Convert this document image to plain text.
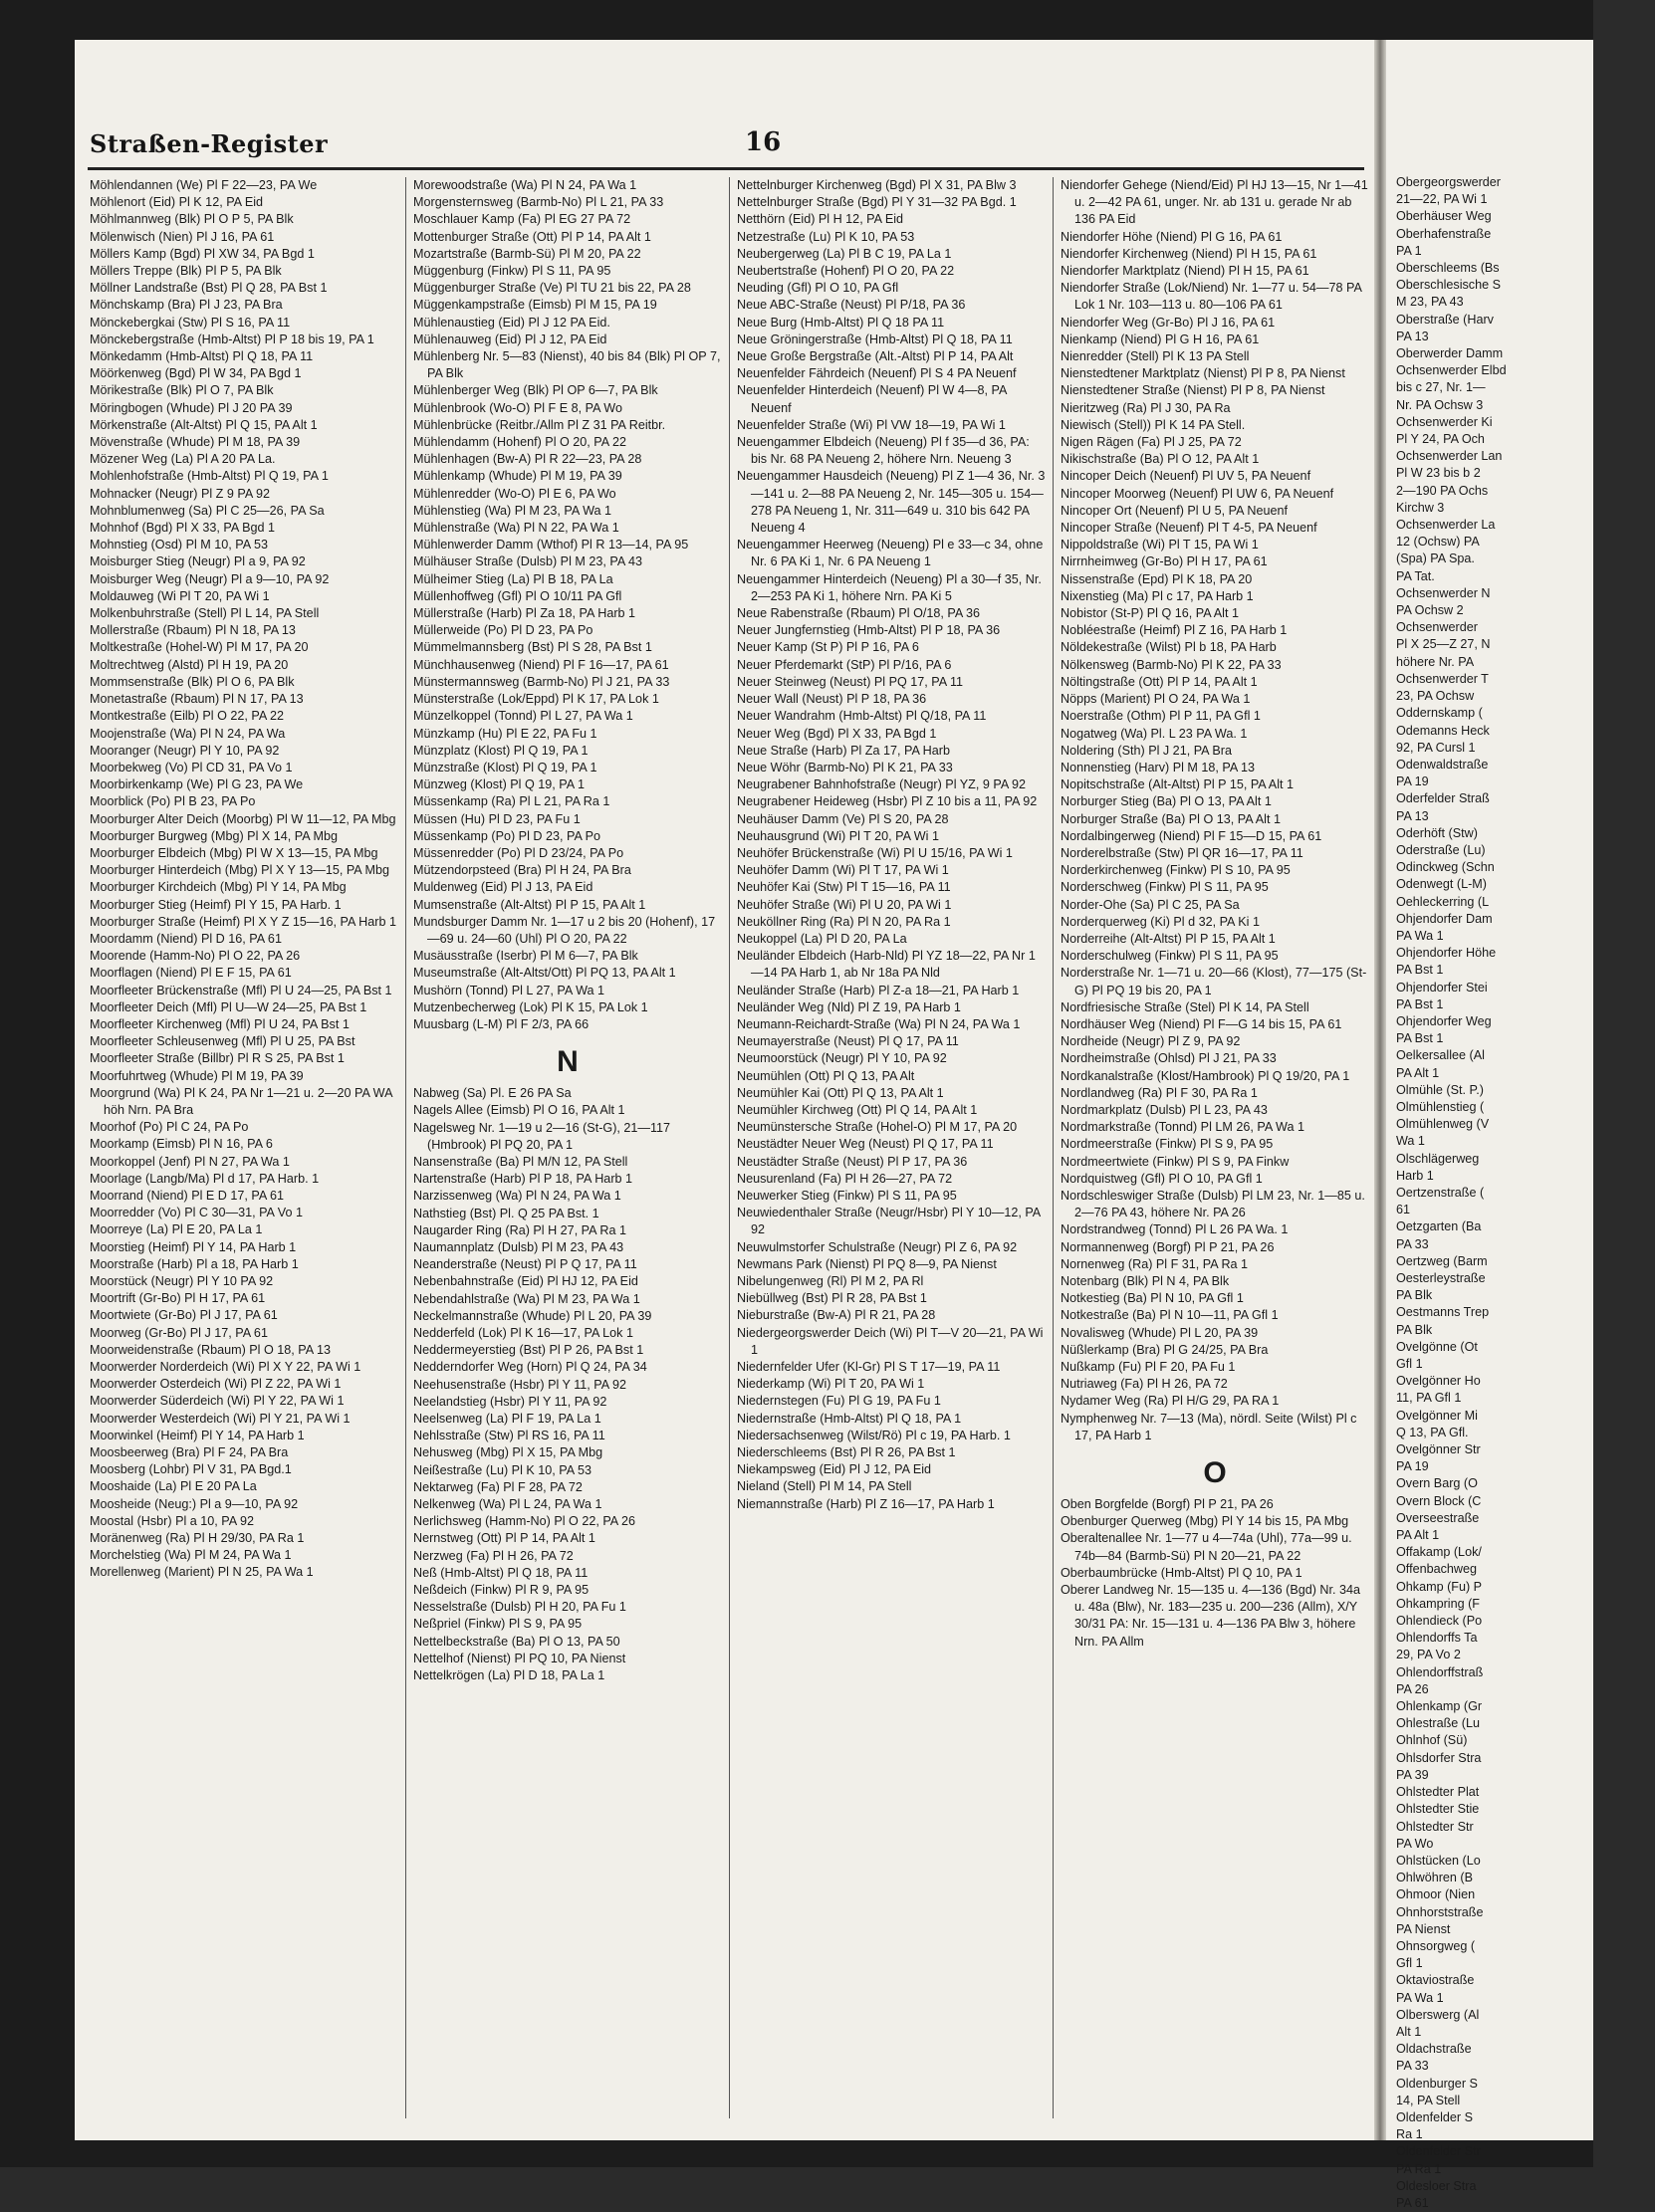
Obergeorgswerder

21—22, PA Wi 1

Oberhäuser Weg

Oberhafenstraße

PA 1

Oberschleems (Bs

Oberschlesische S

M 23, PA 43

Oberstraße (Harv

PA 13

Oberwerder Damm

Ochsenwerder Elbd

bis c 27, Nr. 1—

Nr. PA Ochsw 3

Ochsenwerder Ki

Pl Y 24, PA Och

Ochsenwerder Lan

Pl W 23 bis b 2

2—190 PA Ochs

Kirchw 3

Ochsenwerder La

12 (Ochsw) PA

(Spa) PA Spa.

PA Tat.

Ochsenwerder N

PA Ochsw 2

Ochsenwerder

Pl X 25—Z 27, N

höhere Nr. PA

Ochsenwerder T

23, PA Ochsw

Oddernskamp (

Odemanns Heck

92, PA Cursl 1

Odenwaldstraße

PA 19

Oderfelder Straß

PA 13

Oderhöft (Stw)

Oderstraße (Lu)

Odinckweg (Schn

Odenwegt (L-M)

Oehleckerring (L

Ohjendorfer Dam

PA Wa 1

Ohjendorfer Höhe

PA Bst 1

Ohjendorfer Stei

PA Bst 1

Ohjendorfer Weg

PA Bst 1

Oelkersallee (Al

PA Alt 1

Olmühle (St. P.)

Olmühlenstieg (

Olmühlenweg (V

Wa 1

Olschlägerweg

Harb 1

Oertzenstraße (

61

Oetzgarten (Ba

PA 33

Oertzweg (Barm

Oesterleystraße

PA Blk

Oestmanns Trep

PA Blk

Ovelgönne (Ot

Gfl 1

Ovelgönner Ho

11, PA Gfl 1

Ovelgönner Mi

Q 13, PA Gfl.

Ovelgönner Str

PA 19

Overn Barg (O

Overn Block (C

Overseestraße

PA Alt 1

Offakamp (Lok/

Offenbachweg

Ohkamp (Fu) P

Ohkampring (F

Ohlendieck (Po

Ohlendorffs Ta

29, PA Vo 2

Ohlendorffstraß

PA 26

Ohlenkamp (Gr

Ohlestraße (Lu

Ohlnhof (Sü)

Ohlsdorfer Stra

PA 39

Ohlstedter Plat

Ohlstedter Stie

Ohlstedter Str

PA Wo

Ohlstücken (Lo

Ohlwöhren (B

Ohmoor (Nien

Ohnhorststraße

PA Nienst

Ohnsorgweg (

Gfl 1

Oktaviostraße

PA Wa 1

Olberswerg (Al

Alt 1

Oldachstraße

PA 33

Oldenburger S

14, PA Stell

Oldenfelder S

Ra 1

Oldenfelder Str

PA Ra 1

Oldesloer Stra

PA 61

Straßen-Register	16

Möhlendannen (We) Pl F 22—23, PA We

Möhlenort (Eid) Pl K 12, PA Eid

Möhlmannweg (Blk) Pl O P 5, PA Blk

Mölenwisch (Nien) Pl J 16, PA 61

Möllers Kamp (Bgd) Pl XW 34, PA Bgd 1

Möllers Treppe (Blk) Pl P 5, PA Blk

Möllner Landstraße (Bst) Pl Q 28, PA Bst 1

Mönchskamp (Bra) Pl J 23, PA Bra

Mönckebergkai (Stw) Pl S 16, PA 11

Mönckebergstraße (Hmb-Altst) Pl P 18 bis 19, PA 1

Mönkedamm (Hmb-Altst) Pl Q 18, PA 11

Möörkenweg (Bgd) Pl W 34, PA Bgd 1

Mörikestraße (Blk) Pl O 7, PA Blk

Möringbogen (Whude) Pl J 20 PA 39

Mörkenstraße (Alt-Altst) Pl Q 15, PA Alt 1

Mövenstraße (Whude) Pl M 18, PA 39

Mözener Weg (La) Pl A 20 PA La.

Mohlenhofstraße (Hmb-Altst) Pl Q 19, PA 1

Mohnacker (Neugr) Pl Z 9 PA 92

Mohnblumenweg (Sa) Pl C 25—26, PA Sa

Mohnhof (Bgd) Pl X 33, PA Bgd 1

Mohnstieg (Osd) Pl M 10, PA 53

Moisburger Stieg (Neugr) Pl a 9, PA 92

Moisburger Weg (Neugr) Pl a 9—10, PA 92

Moldauweg (Wi Pl T 20, PA Wi 1

Molkenbuhrstraße (Stell) Pl L 14, PA Stell

Mollerstraße (Rbaum) Pl N 18, PA 13

Moltkestraße (Hohel-W) Pl M 17, PA 20

Moltrechtweg (Alstd) Pl H 19, PA 20

Mommsenstraße (Blk) Pl O 6, PA Blk

Monetastraße (Rbaum) Pl N 17, PA 13

Montkestraße (Eilb) Pl O 22, PA 22

Moojenstraße (Wa) Pl N 24, PA Wa

Mooranger (Neugr) Pl Y 10, PA 92

Moorbekweg (Vo) Pl CD 31, PA Vo 1

Moorbirkenkamp (We) Pl G 23, PA We

Moorblick (Po) Pl B 23, PA Po

Moorburger Alter Deich (Moorbg) Pl W 11—12, PA Mbg

Moorburger Burgweg (Mbg) Pl X 14, PA Mbg

Moorburger Elbdeich (Mbg) Pl W X 13—15, PA Mbg

Moorburger Hinterdeich (Mbg) Pl X Y 13—15, PA Mbg

Moorburger Kirchdeich (Mbg) Pl Y 14, PA Mbg

Moorburger Stieg (Heimf) Pl Y 15, PA Harb. 1

Moorburger Straße (Heimf) Pl X Y Z 15—16, PA Harb 1

Moordamm (Niend) Pl D 16, PA 61

Moorende (Hamm-No) Pl O 22, PA 26

Moorflagen (Niend) Pl E F 15, PA 61

Moorfleeter Brückenstraße (Mfl) Pl U 24—25, PA Bst 1

Moorfleeter Deich (Mfl) Pl U—W 24—25, PA Bst 1

Moorfleeter Kirchenweg (Mfl) Pl U 24, PA Bst 1

Moorfleeter Schleusenweg (Mfl) Pl U 25, PA Bst

Moorfleeter Straße (Billbr) Pl R S 25, PA Bst 1

Moorfuhrtweg (Whude) Pl M 19, PA 39

Moorgrund (Wa) Pl K 24, PA Nr 1—21 u. 2—20 PA WA höh Nrn. PA Bra

Moorhof (Po) Pl C 24, PA Po

Moorkamp (Eimsb) Pl N 16, PA 6

Moorkoppel (Jenf) Pl N 27, PA Wa 1

Moorlage (Langb/Ma) Pl d 17, PA Harb. 1

Moorrand (Niend) Pl E D 17, PA 61

Moorredder (Vo) Pl C 30—31, PA Vo 1

Moorreye (La) Pl E 20, PA La 1

Moorstieg (Heimf) Pl Y 14, PA Harb 1

Moorstraße (Harb) Pl a 18, PA Harb 1

Moorstück (Neugr) Pl Y 10 PA 92

Moortrift (Gr-Bo) Pl H 17, PA 61

Moortwiete (Gr-Bo) Pl J 17, PA 61

Moorweg (Gr-Bo) Pl J 17, PA 61

Moorweidenstraße (Rbaum) Pl O 18, PA 13

Moorwerder Norderdeich (Wi) Pl X Y 22, PA Wi 1

Moorwerder Osterdeich (Wi) Pl Z 22, PA Wi 1

Moorwerder Süderdeich (Wi) Pl Y 22, PA Wi 1

Moorwerder Westerdeich (Wi) Pl Y 21, PA Wi 1

Moorwinkel (Heimf) Pl Y 14, PA Harb 1

Moosbeerweg (Bra) Pl F 24, PA Bra

Moosberg (Lohbr) Pl V 31, PA Bgd.1

Mooshaide (La) Pl E 20 PA La

Moosheide (Neug:) Pl a 9—10, PA 92

Moostal (Hsbr) Pl a 10, PA 92

Moränenweg (Ra) Pl H 29/30, PA Ra 1

Morchelstieg (Wa) Pl M 24, PA Wa 1

Morellenweg (Marient) Pl N 25, PA Wa 1

Morewoodstraße (Wa) Pl N 24, PA Wa 1

Morgensternsweg (Barmb-No) Pl L 21, PA 33

Moschlauer Kamp (Fa) Pl EG 27 PA 72

Mottenburger Straße (Ott) Pl P 14, PA Alt 1

Mozartstraße (Barmb-Sü) Pl M 20, PA 22

Müggenburg (Finkw) Pl S 11, PA 95

Müggenburger Straße (Ve) Pl TU 21 bis 22, PA 28

Müggenkampstraße (Eimsb) Pl M 15, PA 19

Mühlenaustieg (Eid) Pl J 12 PA Eid.

Mühlenauweg (Eid) Pl J 12, PA Eid

Mühlenberg Nr. 5—83 (Nienst), 40 bis 84 (Blk) Pl OP 7, PA Blk

Mühlenberger Weg (Blk) Pl OP 6—7, PA Blk

Mühlenbrook (Wo-O) Pl F E 8, PA Wo

Mühlenbrücke (Reitbr./Allm Pl Z 31 PA Reitbr.

Mühlendamm (Hohenf) Pl O 20, PA 22

Mühlenhagen (Bw-A) Pl R 22—23, PA 28

Mühlenkamp (Whude) Pl M 19, PA 39

Mühlenredder (Wo-O) Pl E 6, PA Wo

Mühlenstieg (Wa) Pl M 23, PA Wa 1

Mühlenstraße (Wa) Pl N 22, PA Wa 1

Mühlenwerder Damm (Wthof) Pl R 13—14, PA 95

Mülhäuser Straße (Dulsb) Pl M 23, PA 43

Mülheimer Stieg (La) Pl B 18, PA La

Müllenhoffweg (Gfl) Pl O 10/11 PA Gfl

Müllerstraße (Harb) Pl Za 18, PA Harb 1

Müllerweide (Po) Pl D 23, PA Po

Mümmelmannsberg (Bst) Pl S 28, PA Bst 1

Münchhausenweg (Niend) Pl F 16—17, PA 61

Münstermannsweg (Barmb-No) Pl J 21, PA 33

Münsterstraße (Lok/Eppd) Pl K 17, PA Lok 1

Münzelkoppel (Tonnd) Pl L 27, PA Wa 1

Münzkamp (Hu) Pl E 22, PA Fu 1

Münzplatz (Klost) Pl Q 19, PA 1

Münzstraße (Klost) Pl Q 19, PA 1

Münzweg (Klost) Pl Q 19, PA 1

Müssenkamp (Ra) Pl L 21, PA Ra 1

Müssen (Hu) Pl D 23, PA Fu 1

Müssenkamp (Po) Pl D 23, PA Po

Müssenredder (Po) Pl D 23/24, PA Po

Mützendorpsteed (Bra) Pl H 24, PA Bra

Muldenweg (Eid) Pl J 13, PA Eid

Mumsenstraße (Alt-Altst) Pl P 15, PA Alt 1

Mundsburger Damm Nr. 1—17 u 2 bis 20 (Hohenf), 17—69 u. 24—60 (Uhl) Pl O 20, PA 22

Musäusstraße (Iserbr) Pl M 6—7, PA Blk

Museumstraße (Alt-Altst/Ott) Pl PQ 13, PA Alt 1

Mushörn (Tonnd) Pl L 27, PA Wa 1

Mutzenbecherweg (Lok) Pl K 15, PA Lok 1

Muusbarg (L-M) Pl F 2/3, PA 66

N

Nabweg (Sa) Pl. E 26 PA Sa

Nagels Allee (Eimsb) Pl O 16, PA Alt 1

Nagelsweg Nr. 1—19 u 2—16 (St-G), 21—117 (Hmbrook) Pl PQ 20, PA 1

Nansenstraße (Ba) Pl M/N 12, PA Stell

Nartenstraße (Harb) Pl P 18, PA Harb 1

Narzissenweg (Wa) Pl N 24, PA Wa 1

Nathstieg (Bst) Pl. Q 25 PA Bst. 1

Naugarder Ring (Ra) Pl H 27, PA Ra 1

Naumannplatz (Dulsb) Pl M 23, PA 43

Neanderstraße (Neust) Pl P Q 17, PA 11

Nebenbahnstraße (Eid) Pl HJ 12, PA Eid

Nebendahlstraße (Wa) Pl M 23, PA Wa 1

Neckelmannstraße (Whude) Pl L 20, PA 39

Nedderfeld (Lok) Pl K 16—17, PA Lok 1

Neddermeyerstieg (Bst) Pl P 26, PA Bst 1

Nedderndorfer Weg (Horn) Pl Q 24, PA 34

Neehusenstraße (Hsbr) Pl Y 11, PA 92

Neelandstieg (Hsbr) Pl Y 11, PA 92

Neelsenweg (La) Pl F 19, PA La 1

Nehlsstraße (Stw) Pl RS 16, PA 11

Nehusweg (Mbg) Pl X 15, PA Mbg

Neißestraße (Lu) Pl K 10, PA 53

Nektarweg (Fa) Pl F 28, PA 72

Nelkenweg (Wa) Pl L 24, PA Wa 1

Nerlichsweg (Hamm-No) Pl O 22, PA 26

Nernstweg (Ott) Pl P 14, PA Alt 1

Nerzweg (Fa) Pl H 26, PA 72

Neß (Hmb-Altst) Pl Q 18, PA 11

Neßdeich (Finkw) Pl R 9, PA 95

Nesselstraße (Dulsb) Pl H 20, PA Fu 1

Neßpriel (Finkw) Pl S 9, PA 95

Nettelbeckstraße (Ba) Pl O 13, PA 50

Nettelhof (Nienst) Pl PQ 10, PA Nienst

Nettelkrögen (La) Pl D 18, PA La 1

Nettelnburger Kirchenweg (Bgd) Pl X 31, PA Blw 3

Nettelnburger Straße (Bgd) Pl Y 31—32 PA Bgd. 1

Netthörn (Eid) Pl H 12, PA Eid

Netzestraße (Lu) Pl K 10, PA 53

Neubergerweg (La) Pl B C 19, PA La 1

Neubertstraße (Hohenf) Pl O 20, PA 22

Neuding (Gfl) Pl O 10, PA Gfl

Neue ABC-Straße (Neust) Pl P/18, PA 36

Neue Burg (Hmb-Altst) Pl Q 18 PA 11

Neue Gröningerstraße (Hmb-Altst) Pl Q 18, PA 11

Neue Große Bergstraße (Alt.-Altst) Pl P 14, PA Alt

Neuenfelder Fährdeich (Neuenf) Pl S 4 PA Neuenf

Neuenfelder Hinterdeich (Neuenf) Pl W 4—8, PA Neuenf

Neuenfelder Straße (Wi) Pl VW 18—19, PA Wi 1

Neuengammer Elbdeich (Neueng) Pl f 35—d 36, PA: bis Nr. 68 PA Neueng 2, höhere Nrn. Neueng 3

Neuengammer Hausdeich (Neueng) Pl Z 1—4 36, Nr. 3—141 u. 2—88 PA Neueng 2, Nr. 145—305 u. 154—278 PA Neueng 1, Nr. 311—649 u. 310 bis 642 PA Neueng 4

Neuengammer Heerweg (Neueng) Pl e 33—c 34, ohne Nr. 6 PA Ki 1, Nr. 6 PA Neueng 1

Neuengammer Hinterdeich (Neueng) Pl a 30—f 35, Nr. 2—253 PA Ki 1, höhere Nrn. PA Ki 5

Neue Rabenstraße (Rbaum) Pl O/18, PA 36

Neuer Jungfernstieg (Hmb-Altst) Pl P 18, PA 36

Neuer Kamp (St P) Pl P 16, PA 6

Neuer Pferdemarkt (StP) Pl P/16, PA 6

Neuer Steinweg (Neust) Pl PQ 17, PA 11

Neuer Wall (Neust) Pl P 18, PA 36

Neuer Wandrahm (Hmb-Altst) Pl Q/18, PA 11

Neuer Weg (Bgd) Pl X 33, PA Bgd 1

Neue Straße (Harb) Pl Za 17, PA Harb

Neue Wöhr (Barmb-No) Pl K 21, PA 33

Neugrabener Bahnhofstraße (Neugr) Pl YZ, 9 PA 92

Neugrabener Heideweg (Hsbr) Pl Z 10 bis a 11, PA 92

Neuhäuser Damm (Ve) Pl S 20, PA 28

Neuhausgrund (Wi) Pl T 20, PA Wi 1

Neuhöfer Brückenstraße (Wi) Pl U 15/16, PA Wi 1

Neuhöfer Damm (Wi) Pl T 17, PA Wi 1

Neuhöfer Kai (Stw) Pl T 15—16, PA 11

Neuhöfer Straße (Wi) Pl U 20, PA Wi 1

Neuköllner Ring (Ra) Pl N 20, PA Ra 1

Neukoppel (La) Pl D 20, PA La

Neuländer Elbdeich (Harb-Nld) Pl YZ 18—22, PA Nr 1—14 PA Harb 1, ab Nr 18a PA Nld

Neuländer Straße (Harb) Pl Z-a 18—21, PA Harb 1

Neuländer Weg (Nld) Pl Z 19, PA Harb 1

Neumann-Reichardt-Straße (Wa) Pl N 24, PA Wa 1

Neumayerstraße (Neust) Pl Q 17, PA 11

Neumoorstück (Neugr) Pl Y 10, PA 92

Neumühlen (Ott) Pl Q 13, PA Alt

Neumühler Kai (Ott) Pl Q 13, PA Alt 1

Neumühler Kirchweg (Ott) Pl Q 14, PA Alt 1

Neumünstersche Straße (Hohel-O) Pl M 17, PA 20

Neustädter Neuer Weg (Neust) Pl Q 17, PA 11

Neustädter Straße (Neust) Pl P 17, PA 36

Neusurenland (Fa) Pl H 26—27, PA 72

Neuwerker Stieg (Finkw) Pl S 11, PA 95

Neuwiedenthaler Straße (Neugr/Hsbr) Pl Y 10—12, PA 92

Neuwulmstorfer Schulstraße (Neugr) Pl Z 6, PA 92

Newmans Park (Nienst) Pl PQ 8—9, PA Nienst

Nibelungenweg (Rl) Pl M 2, PA Rl

Niebüllweg (Bst) Pl R 28, PA Bst 1

Nieburstraße (Bw-A) Pl R 21, PA 28

Niedergeorgswerder Deich (Wi) Pl T—V 20—21, PA Wi 1

Niedernfelder Ufer (Kl-Gr) Pl S T 17—19, PA 11

Niederkamp (Wi) Pl T 20, PA Wi 1

Niedernstegen (Fu) Pl G 19, PA Fu 1

Niedernstraße (Hmb-Altst) Pl Q 18, PA 1

Niedersachsenweg (Wilst/Rö) Pl c 19, PA Harb. 1

Niederschleems (Bst) Pl R 26, PA Bst 1

Niekampsweg (Eid) Pl J 12, PA Eid

Nieland (Stell) Pl M 14, PA Stell

Niemannstraße (Harb) Pl Z 16—17, PA Harb 1

Niendorfer Gehege (Niend/Eid) Pl HJ 13—15, Nr 1—41 u. 2—42 PA 61, unger. Nr. ab 131 u. gerade Nr ab 136 PA Eid

Niendorfer Höhe (Niend) Pl G 16, PA 61

Niendorfer Kirchenweg (Niend) Pl H 15, PA 61

Niendorfer Marktplatz (Niend) Pl H 15, PA 61

Niendorfer Straße (Lok/Niend) Nr. 1—77 u. 54—78 PA Lok 1 Nr. 103—113 u. 80—106 PA 61

Niendorfer Weg (Gr-Bo) Pl J 16, PA 61

Nienkamp (Niend) Pl G H 16, PA 61

Nienredder (Stell) Pl K 13 PA Stell

Nienstedtener Marktplatz (Nienst) Pl P 8, PA Nienst

Nienstedtener Straße (Nienst) Pl P 8, PA Nienst

Nieritzweg (Ra) Pl J 30, PA Ra

Niewisch (Stell)) Pl K 14 PA Stell.

Nigen Rägen (Fa) Pl J 25, PA 72

Nikischstraße (Ba) Pl O 12, PA Alt 1

Nincoper Deich (Neuenf) Pl UV 5, PA Neuenf

Nincoper Moorweg (Neuenf) Pl UW 6, PA Neuenf

Nincoper Ort (Neuenf) Pl U 5, PA Neuenf

Nincoper Straße (Neuenf) Pl T 4-5, PA Neuenf

Nippoldstraße (Wi) Pl T 15, PA Wi 1

Nirrnheimweg (Gr-Bo) Pl H 17, PA 61

Nissenstraße (Epd) Pl K 18, PA 20

Nixenstieg (Ma) Pl c 17, PA Harb 1

Nobistor (St-P) Pl Q 16, PA Alt 1

Nobléestraße (Heimf) Pl Z 16, PA Harb 1

Nöldekestraße (Wilst) Pl b 18, PA Harb

Nölkensweg (Barmb-No) Pl K 22, PA 33

Nöltingstraße (Ott) Pl P 14, PA Alt 1

Nöpps (Marient) Pl O 24, PA Wa 1

Noerstraße (Othm) Pl P 11, PA Gfl 1

Nogatweg (Wa) Pl. L 23 PA Wa. 1

Noldering (Sth) Pl J 21, PA Bra

Nonnenstieg (Harv) Pl M 18, PA 13

Nopitschstraße (Alt-Altst) Pl P 15, PA Alt 1

Norburger Stieg (Ba) Pl O 13, PA Alt 1

Norburger Straße (Ba) Pl O 13, PA Alt 1

Nordalbingerweg (Niend) Pl F 15—D 15, PA 61

Norderelbstraße (Stw) Pl QR 16—17, PA 11

Norderkirchenweg (Finkw) Pl S 10, PA 95

Norderschweg (Finkw) Pl S 11, PA 95

Norder-Ohe (Sa) Pl C 25, PA Sa

Norderquerweg (Ki) Pl d 32, PA Ki 1

Norderreihe (Alt-Altst) Pl P 15, PA Alt 1

Norderschulweg (Finkw) Pl S 11, PA 95

Norderstraße Nr. 1—71 u. 20—66 (Klost), 77—175 (St-G) Pl PQ 19 bis 20, PA 1

Nordfriesische Straße (Stel) Pl K 14, PA Stell

Nordhäuser Weg (Niend) Pl F—G 14 bis 15, PA 61

Nordheide (Neugr) Pl Z 9, PA 92

Nordheimstraße (Ohlsd) Pl J 21, PA 33

Nordkanalstraße (Klost/Hambrook) Pl Q 19/20, PA 1

Nordlandweg (Ra) Pl F 30, PA Ra 1

Nordmarkplatz (Dulsb) Pl L 23, PA 43

Nordmarkstraße (Tonnd) Pl LM 26, PA Wa 1

Nordmeerstraße (Finkw) Pl S 9, PA 95

Nordmeertwiete (Finkw) Pl S 9, PA Finkw

Nordquistweg (Gfl) Pl O 10, PA Gfl 1

Nordschleswiger Straße (Dulsb) Pl LM 23, Nr. 1—85 u. 2—76 PA 43, höhere Nr. PA 26

Nordstrandweg (Tonnd) Pl L 26 PA Wa. 1

Normannenweg (Borgf) Pl P 21, PA 26

Nornenweg (Ra) Pl F 31, PA Ra 1

Notenbarg (Blk) Pl N 4, PA Blk

Notkestieg (Ba) Pl N 10, PA Gfl 1

Notkestraße (Ba) Pl N 10—11, PA Gfl 1

Novalisweg (Whude) Pl L 20, PA 39

Nüßlerkamp (Bra) Pl G 24/25, PA Bra

Nußkamp (Fu) Pl F 20, PA Fu 1

Nutriaweg (Fa) Pl H 26, PA 72

Nydamer Weg (Ra) Pl H/G 29, PA RA 1

Nymphenweg Nr. 7—13 (Ma), nördl. Seite (Wilst) Pl c 17, PA Harb 1

O

Oben Borgfelde (Borgf) Pl P 21, PA 26

Obenburger Querweg (Mbg) Pl Y 14 bis 15, PA Mbg

Oberaltenallee Nr. 1—77 u 4—74a (Uhl), 77a—99 u. 74b—84 (Barmb-Sü) Pl N 20—21, PA 22

Oberbaumbrücke (Hmb-Altst) Pl Q 10, PA 1

Oberer Landweg Nr. 15—135 u. 4—136 (Bgd) Nr. 34a u. 48a (Blw), Nr. 183—235 u. 200—236 (Allm), X/Y 30/31 PA: Nr. 15—131 u. 4—136 PA Blw 3, höhere Nrn. PA Allm
